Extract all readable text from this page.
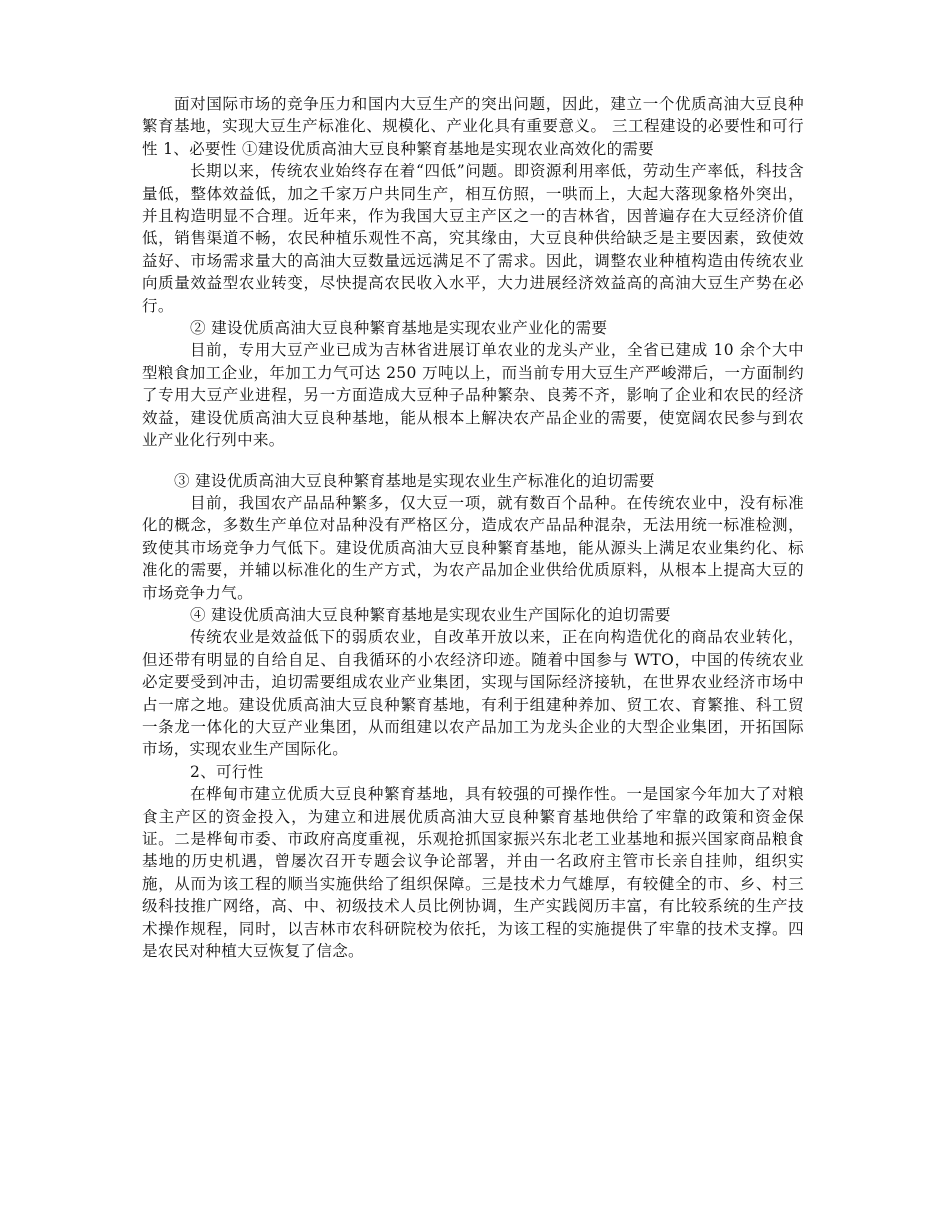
面对国际市场的竞争压力和国内大豆生产的突出问题，因此，建立一个优质高油大豆良种繁育基地，实现大豆生产标准化、规模化、产业化具有重要意义。 三工程建设的必要性和可行性 1、必要性 ①建设优质高油大豆良种繁育基地是实现农业高效化的需要

长期以来，传统农业始终存在着“四低”问题。即资源利用率低，劳动生产率低，科技含量低，整体效益低，加之千家万户共同生产，相互仿照，一哄而上，大起大落现象格外突出，并且构造明显不合理。近年来，作为我国大豆主产区之一的吉林省，因普遍存在大豆经济价值低，销售渠道不畅，农民种植乐观性不高，究其缘由，大豆良种供给缺乏是主要因素，致使效益好、市场需求量大的高油大豆数量远远满足不了需求。因此，调整农业种植构造由传统农业向质量效益型农业转变，尽快提高农民收入水平，大力进展经济效益高的高油大豆生产势在必行。

② 建设优质高油大豆良种繁育基地是实现农业产业化的需要

目前，专用大豆产业已成为吉林省进展订单农业的龙头产业，全省已建成 10 余个大中型粮食加工企业，年加工力气可达 250 万吨以上，而当前专用大豆生产严峻滞后，一方面制约了专用大豆产业进程，另一方面造成大豆种子品种繁杂、良莠不齐，影响了企业和农民的经济效益，建设优质高油大豆良种基地，能从根本上解决农产品企业的需要，使宽阔农民参与到农业产业化行列中来。

③ 建设优质高油大豆良种繁育基地是实现农业生产标准化的迫切需要

目前，我国农产品品种繁多，仅大豆一项，就有数百个品种。在传统农业中，没有标准化的概念，多数生产单位对品种没有严格区分，造成农产品品种混杂，无法用统一标准检测，致使其市场竞争力气低下。建设优质高油大豆良种繁育基地，能从源头上满足农业集约化、标准化的需要，并辅以标准化的生产方式，为农产品加企业供给优质原料，从根本上提高大豆的市场竞争力气。

④ 建设优质高油大豆良种繁育基地是实现农业生产国际化的迫切需要

传统农业是效益低下的弱质农业，自改革开放以来，正在向构造优化的商品农业转化，但还带有明显的自给自足、自我循环的小农经济印迹。随着中国参与 WTO，中国的传统农业必定要受到冲击，迫切需要组成农业产业集团，实现与国际经济接轨，在世界农业经济市场中占一席之地。建设优质高油大豆良种繁育基地，有利于组建种养加、贸工农、育繁推、科工贸一条龙一体化的大豆产业集团，从而组建以农产品加工为龙头企业的大型企业集团，开拓国际市场，实现农业生产国际化。

2、可行性

在桦甸市建立优质大豆良种繁育基地，具有较强的可操作性。一是国家今年加大了对粮食主产区的资金投入，为建立和进展优质高油大豆良种繁育基地供给了牢靠的政策和资金保证。二是桦甸市委、市政府高度重视，乐观抢抓国家振兴东北老工业基地和振兴国家商品粮食基地的历史机遇，曾屡次召开专题会议争论部署，并由一名政府主管市长亲自挂帅，组织实施，从而为该工程的顺当实施供给了组织保障。三是技术力气雄厚，有较健全的市、乡、村三级科技推广网络，高、中、初级技术人员比例协调，生产实践阅历丰富，有比较系统的生产技术操作规程，同时，以吉林市农科研院校为依托，为该工程的实施提供了牢靠的技术支撑。四是农民对种植大豆恢复了信念。
